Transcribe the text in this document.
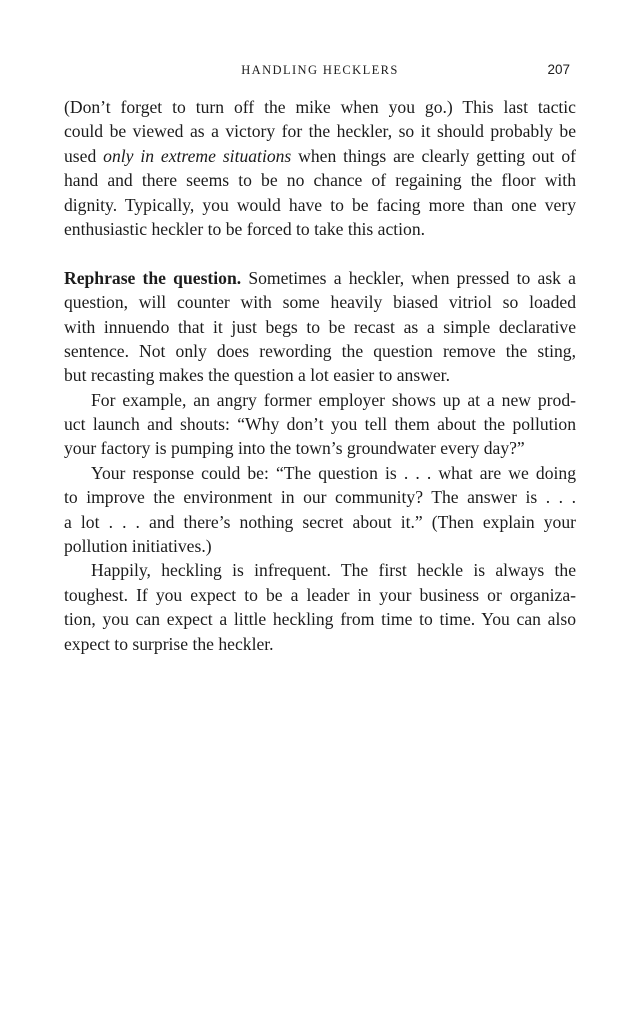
HANDLING HECKLERS	207
(Don’t forget to turn off the mike when you go.) This last tactic
could be viewed as a victory for the heckler, so it should probably be
used only in extreme situations when things are clearly getting out of
hand and there seems to be no chance of regaining the floor with
dignity. Typically, you would have to be facing more than one very
enthusiastic heckler to be forced to take this action.
Rephrase the question. Sometimes a heckler, when pressed to ask a
question, will counter with some heavily biased vitriol so loaded
with innuendo that it just begs to be recast as a simple declarative
sentence. Not only does rewording the question remove the sting,
but recasting makes the question a lot easier to answer.
For example, an angry former employer shows up at a new prod-
uct launch and shouts: “Why don’t you tell them about the pollution
your factory is pumping into the town’s groundwater every day?”
Your response could be: “The question is . . . what are we doing
to improve the environment in our community? The answer is . . .
a lot . . . and there’s nothing secret about it.” (Then explain your
pollution initiatives.)
Happily, heckling is infrequent. The first heckle is always the
toughest. If you expect to be a leader in your business or organiza-
tion, you can expect a little heckling from time to time. You can also
expect to surprise the heckler.
